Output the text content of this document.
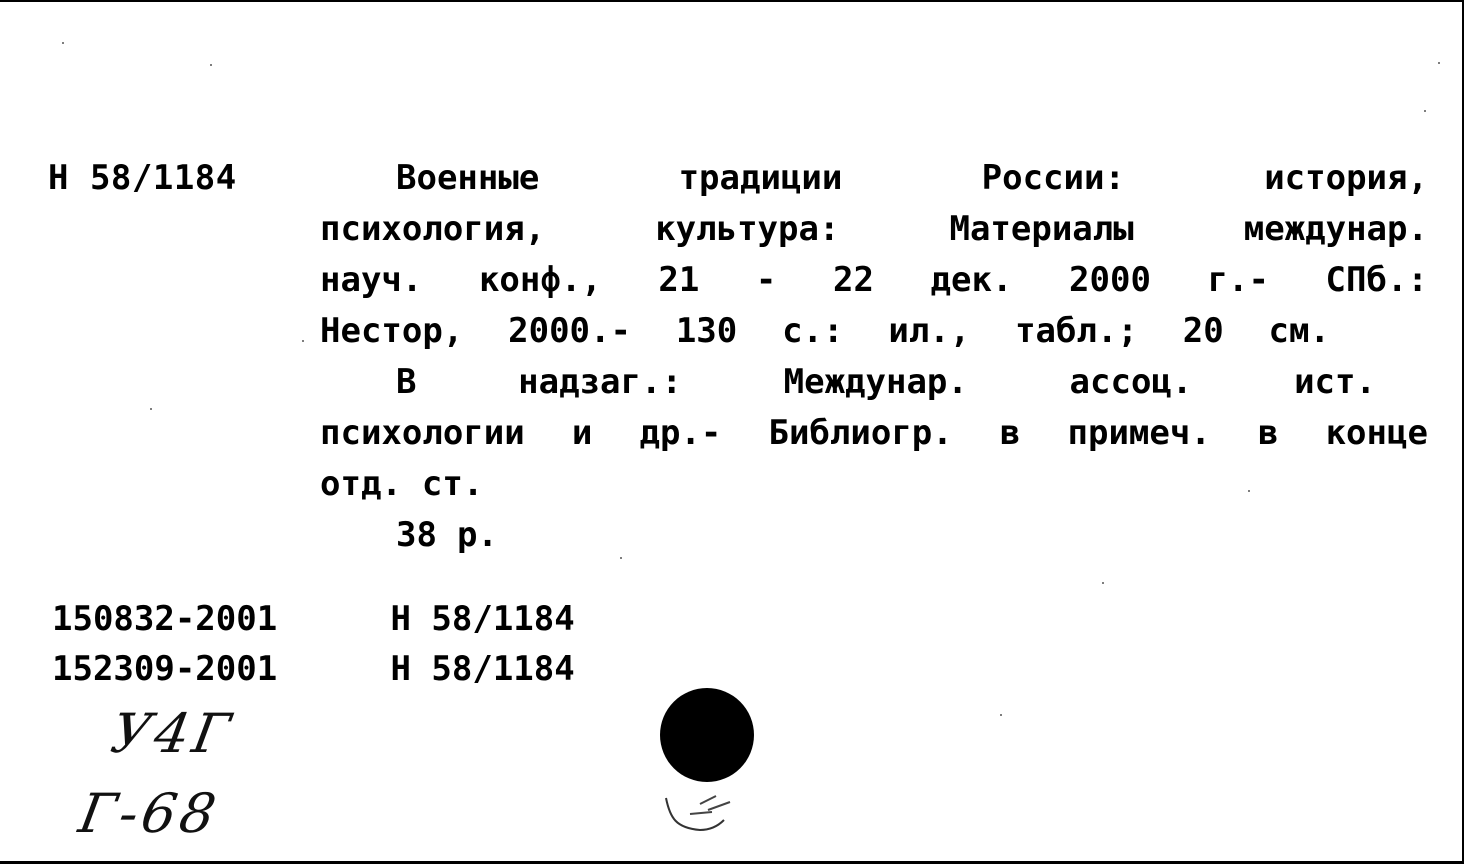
Н 58/1184	Военные	традиции	России:	история,
психология,	культура:	Материалы	междунар.
науч. конф., 21 - 22 дек. 2000 г.- СПб.:
Нестор, 2000.- 130 с.: ил., табл.; 20 см.
В	надзаг.:	Междунар.	ассоц.	ист.
психологии и др.- Библиогр. в примеч. в конце
отд. ст.
38 р.
150832-2001	Н 58/1184
152309-2001	Н 58/1184
У4Г
Г-68
